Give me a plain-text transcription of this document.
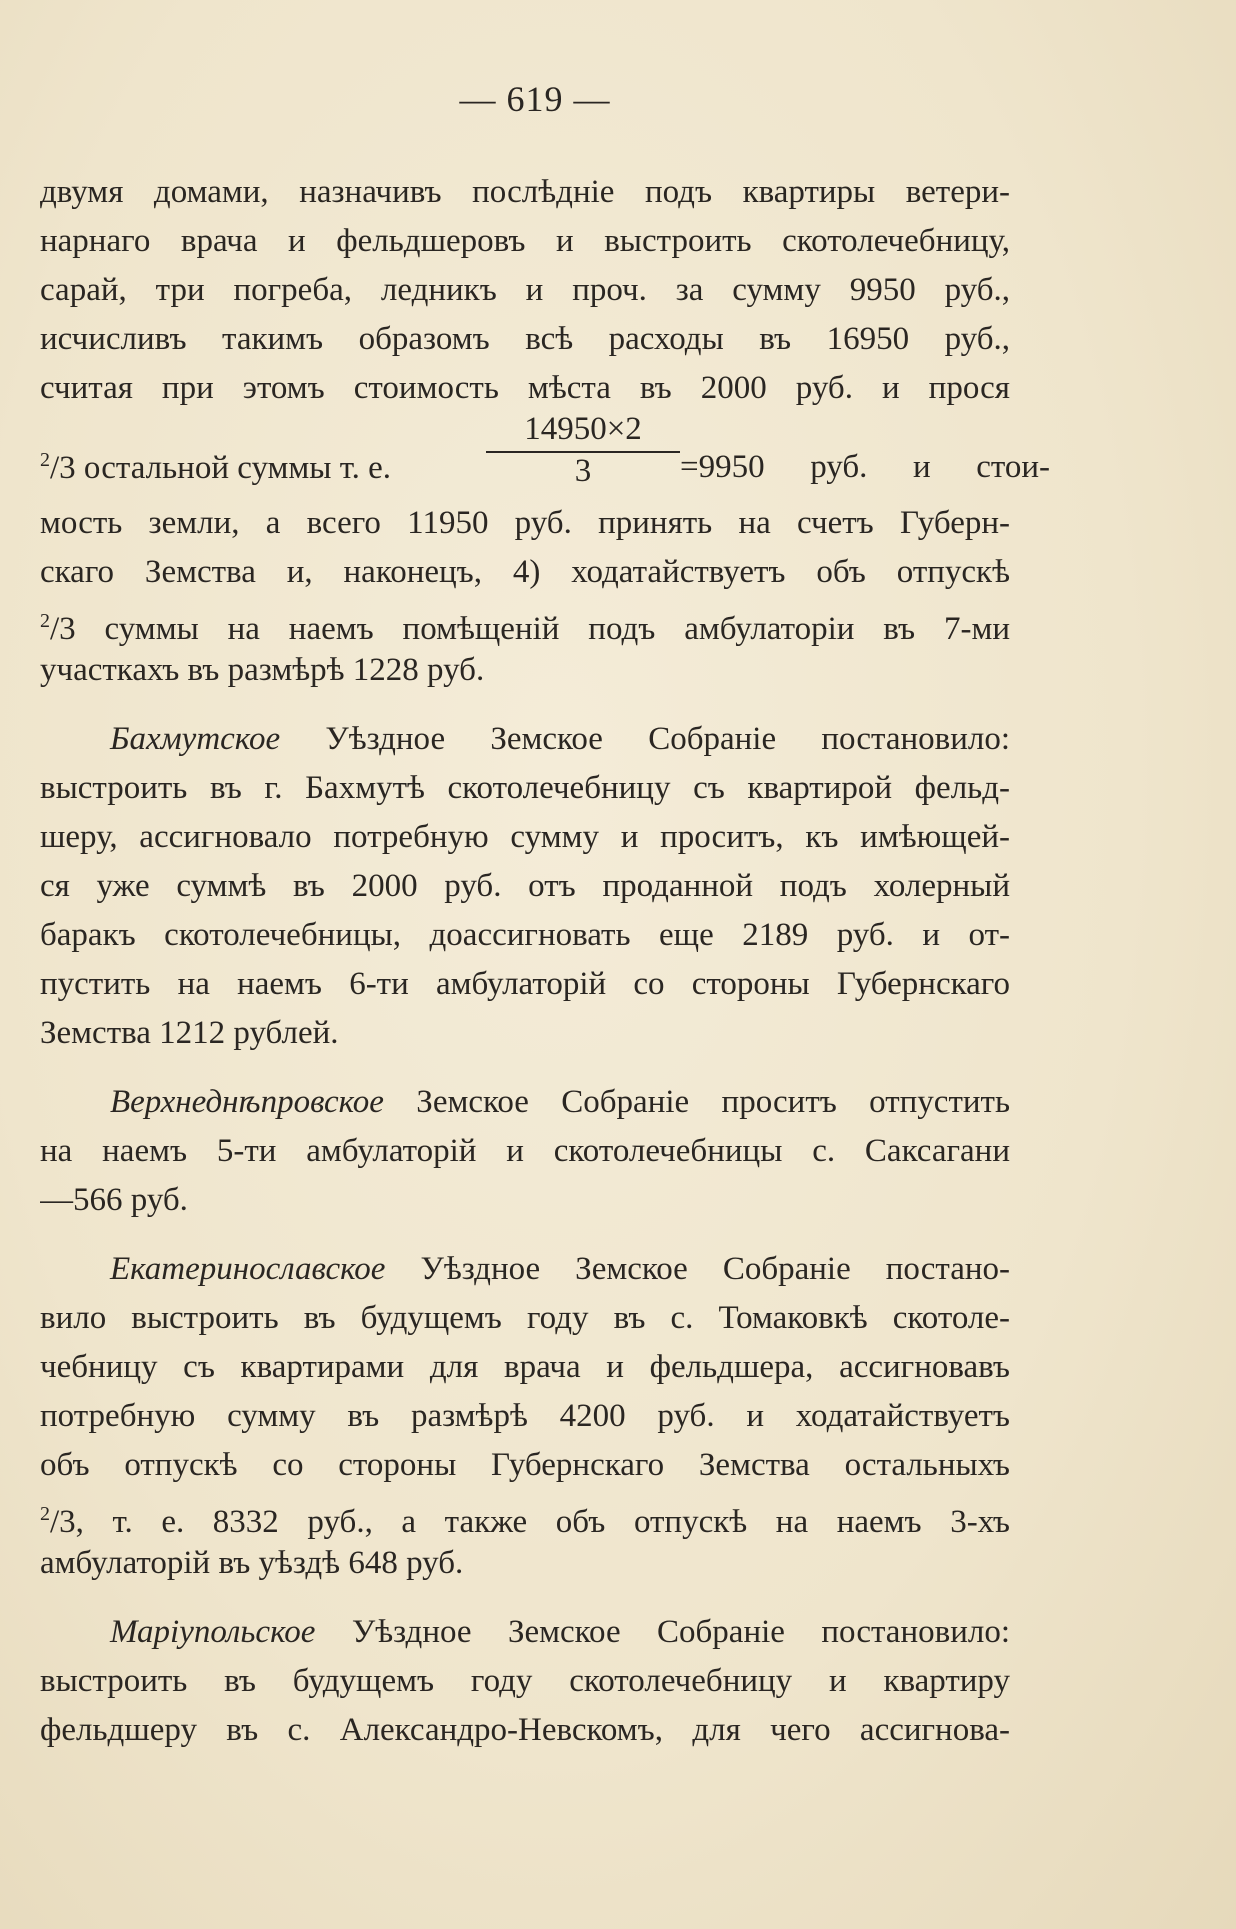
— 619 —
двумя домами, назначивъ послѣднiе подъ квартиры ветери-
нарнаго врача и фельдшеровъ и выстроить скотолечебницу,
сарай, три погреба, ледникъ и проч. за сумму 9950 руб.,
исчисливъ такимъ образомъ всѣ расходы въ 16950 руб.,
считая при этомъ стоимость мѣста въ 2000 руб. и прося
$^2$/3 остальной суммы т. е.
14950×2
3	=9950 руб. и стои-
мость земли, а всего 11950 руб. принять на счетъ Губерн-
скаго Земства и, наконецъ, 4) ходатайствуетъ объ отпускѣ
$^2$/3 суммы на наемъ помѣщенiй подъ амбулаторiи въ 7-ми
участкахъ въ размѣрѣ 1228 руб.
Бахмутское Уѣздное Земское Собранiе постановило:
выстроить въ г. Бахмутѣ скотолечебницу съ квартирой фельд-
шеру, ассигновало потребную сумму и проситъ, къ имѣющей-
ся уже суммѣ въ 2000 руб. отъ проданной подъ холерный
баракъ скотолечебницы, доассигновать еще 2189 руб. и от-
пустить на наемъ 6-ти амбулаторiй со стороны Губернскаго
Земства 1212 рублей.
Верхнеднѣпровское Земское Собранiе проситъ отпустить
на наемъ 5-ти амбулаторiй и скотолечебницы с. Саксагани
—566 руб.
Екатеринославское Уѣздное Земское Собранiе постано-
вило выстроить въ будущемъ году въ с. Томаковкѣ скотоле-
чебницу съ квартирами для врача и фельдшера, ассигновавъ
потребную сумму въ размѣрѣ 4200 руб. и ходатайствуетъ
объ отпускѣ со стороны Губернскаго Земства остальныхъ
$^2$/3, т. е. 8332 руб., а также объ отпускѣ на наемъ 3-хъ
амбулаторiй въ уѣздѣ 648 руб.
Марiупольское Уѣздное Земское Собранiе постановило:
выстроить въ будущемъ году скотолечебницу и квартиру
фельдшеру въ с. Александро-Невскомъ, для чего ассигнова-
